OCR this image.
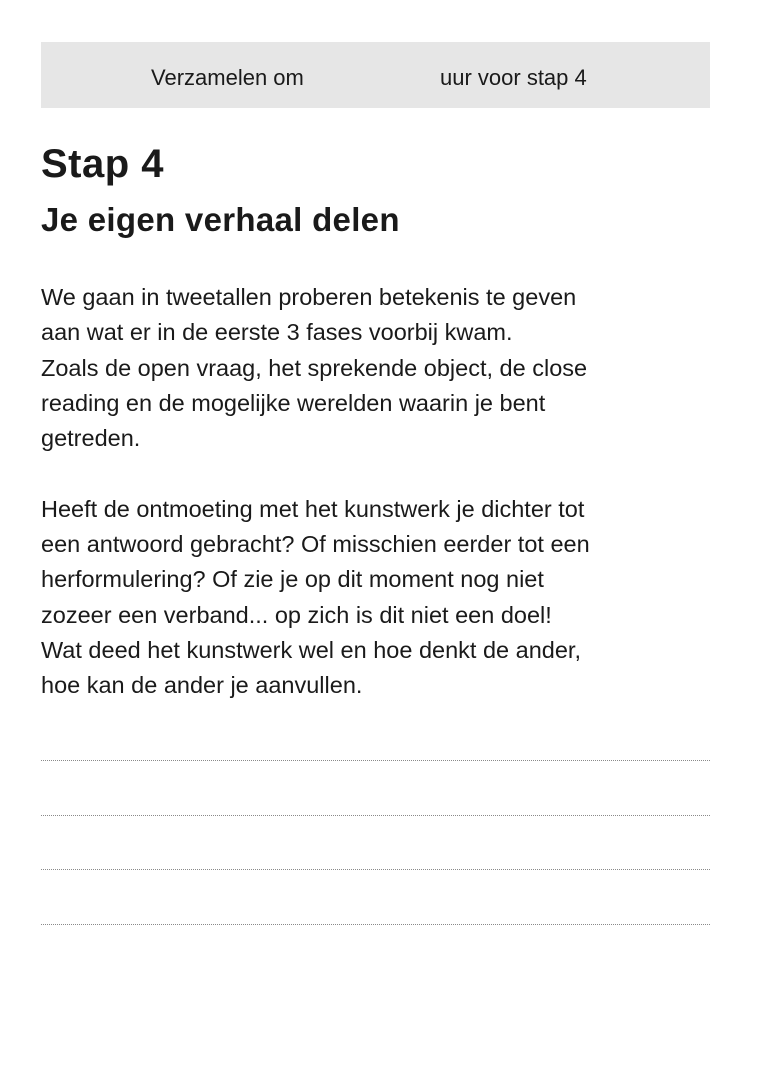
Verzamelen om	uur voor stap 4
Stap 4
Je eigen verhaal delen

We gaan in tweetallen proberen betekenis te geven

aan wat er in de eerste 3 fases voorbij kwam.

Zoals de open vraag, het sprekende object, de close

reading en de mogelijke werelden waarin je bent

getreden.

Heeft de ontmoeting met het kunstwerk je dichter tot

een antwoord gebracht? Of misschien eerder tot een

herformulering? Of zie je op dit moment nog niet

zozeer een verband... op zich is dit niet een doel!

Wat deed het kunstwerk wel en hoe denkt de ander,

hoe kan de ander je aanvullen.
